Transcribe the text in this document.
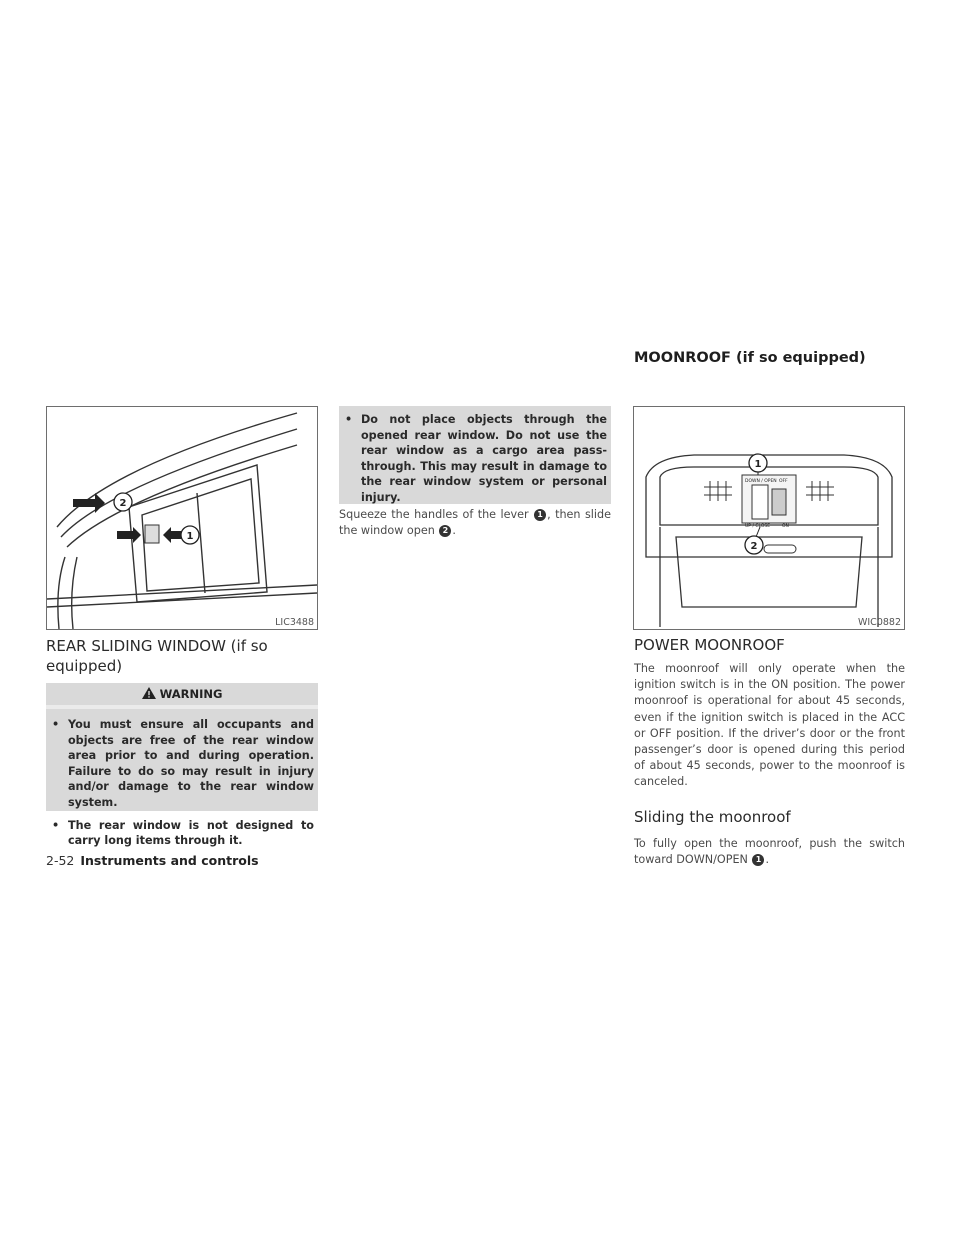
MOONROOF (if so equipped)
2
1
LIC3488
REAR SLIDING WINDOW (if so equipped)
WARNING
• You must ensure all occupants and objects are free of the rear window area prior to and during operation. Failure to do so may result in injury and/or damage to the rear window system.
• The rear window is not designed to carry long items through it.
• Do not place objects through the opened rear window. Do not use the rear window as a cargo area pass-through. This may result in damage to the rear window system or personal injury.
Squeeze the handles of the lever 1 , then slide the window open 2 .
DOWN / OPEN OFF
UP / CLOSE	ON
1
2
WIC0882
POWER MOONROOF
The moonroof will only operate when the ignition switch is in the ON position. The power moonroof is operational for about 45 seconds, even if the ignition switch is placed in the ACC or OFF position. If the driver’s door or the front passenger’s door is opened during this period of about 45 seconds, power to the moonroof is canceled.
Sliding the moonroof
To fully open the moonroof, push the switch toward DOWN/OPEN 1 .
2-52 Instruments and controls
